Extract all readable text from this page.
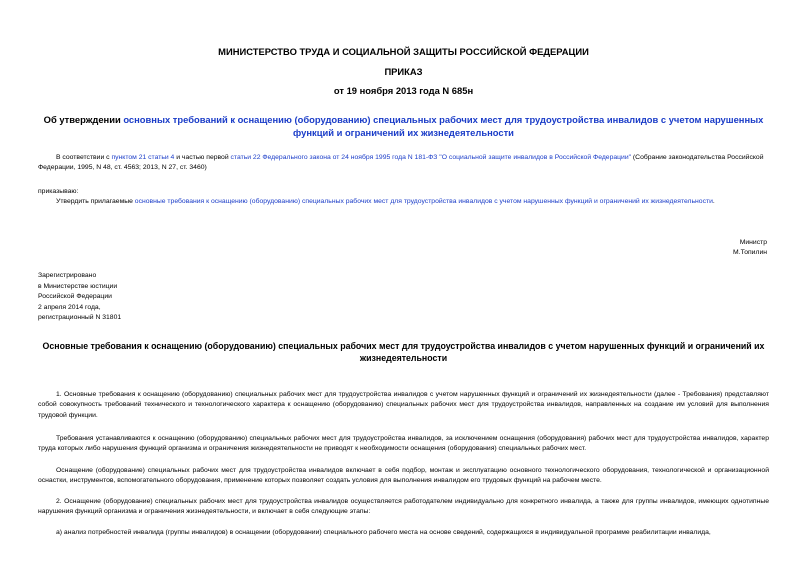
МИНИСТЕРСТВО ТРУДА И СОЦИАЛЬНОЙ ЗАЩИТЫ РОССИЙСКОЙ ФЕДЕРАЦИИ
ПРИКАЗ
от 19 ноября 2013 года N 685н
Об утверждении основных требований к оснащению (оборудованию) специальных рабочих мест для трудоустройства инвалидов с учетом нарушенных функций и ограничений их жизнедеятельности
В соответствии с пунктом 21 статьи 4 и частью первой статьи 22 Федерального закона от 24 ноября 1995 года N 181-ФЗ "О социальной защите инвалидов в Российской Федерации" (Собрание законодательства Российской Федерации, 1995, N 48, ст. 4563; 2013, N 27, ст. 3460)
приказываю:
Утвердить прилагаемые основные требования к оснащению (оборудованию) специальных рабочих мест для трудоустройства инвалидов с учетом нарушенных функций и ограничений их жизнедеятельности.
Министр
М.Топилин
Зарегистрировано
в Министерстве юстиции
Российской Федерации
2 апреля 2014 года,
регистрационный N 31801
Основные требования к оснащению (оборудованию) специальных рабочих мест для трудоустройства инвалидов с учетом нарушенных функций и ограничений их жизнедеятельности
1. Основные требования к оснащению (оборудованию) специальных рабочих мест для трудоустройства инвалидов с учетом нарушенных функций и ограничений их жизнедеятельности (далее - Требования) представляют собой совокупность требований технического и технологического характера к оснащению (оборудованию) специальных рабочих мест для трудоустройства инвалидов, направленных на создание им условий для выполнения трудовой функции.
Требования устанавливаются к оснащению (оборудованию) специальных рабочих мест для трудоустройства инвалидов, за исключением оснащения (оборудования) рабочих мест для трудоустройства инвалидов, характер труда которых либо нарушения функций организма и ограничения жизнедеятельности не приводят к необходимости оснащения (оборудования) специальных рабочих мест.
Оснащение (оборудование) специальных рабочих мест для трудоустройства инвалидов включает в себя подбор, монтаж и эксплуатацию основного технологического оборудования, технологической и организационной оснастки, инструментов, вспомогательного оборудования, применение которых позволяет создать условия для выполнения инвалидом его трудовых функций на рабочем месте.
2. Оснащение (оборудование) специальных рабочих мест для трудоустройства инвалидов осуществляется работодателем индивидуально для конкретного инвалида, а также для группы инвалидов, имеющих однотипные нарушения функций организма и ограничения жизнедеятельности, и включает в себя следующие этапы:
а) анализ потребностей инвалида (группы инвалидов) в оснащении (оборудовании) специального рабочего места на основе сведений, содержащихся в индивидуальной программе реабилитации инвалида,
